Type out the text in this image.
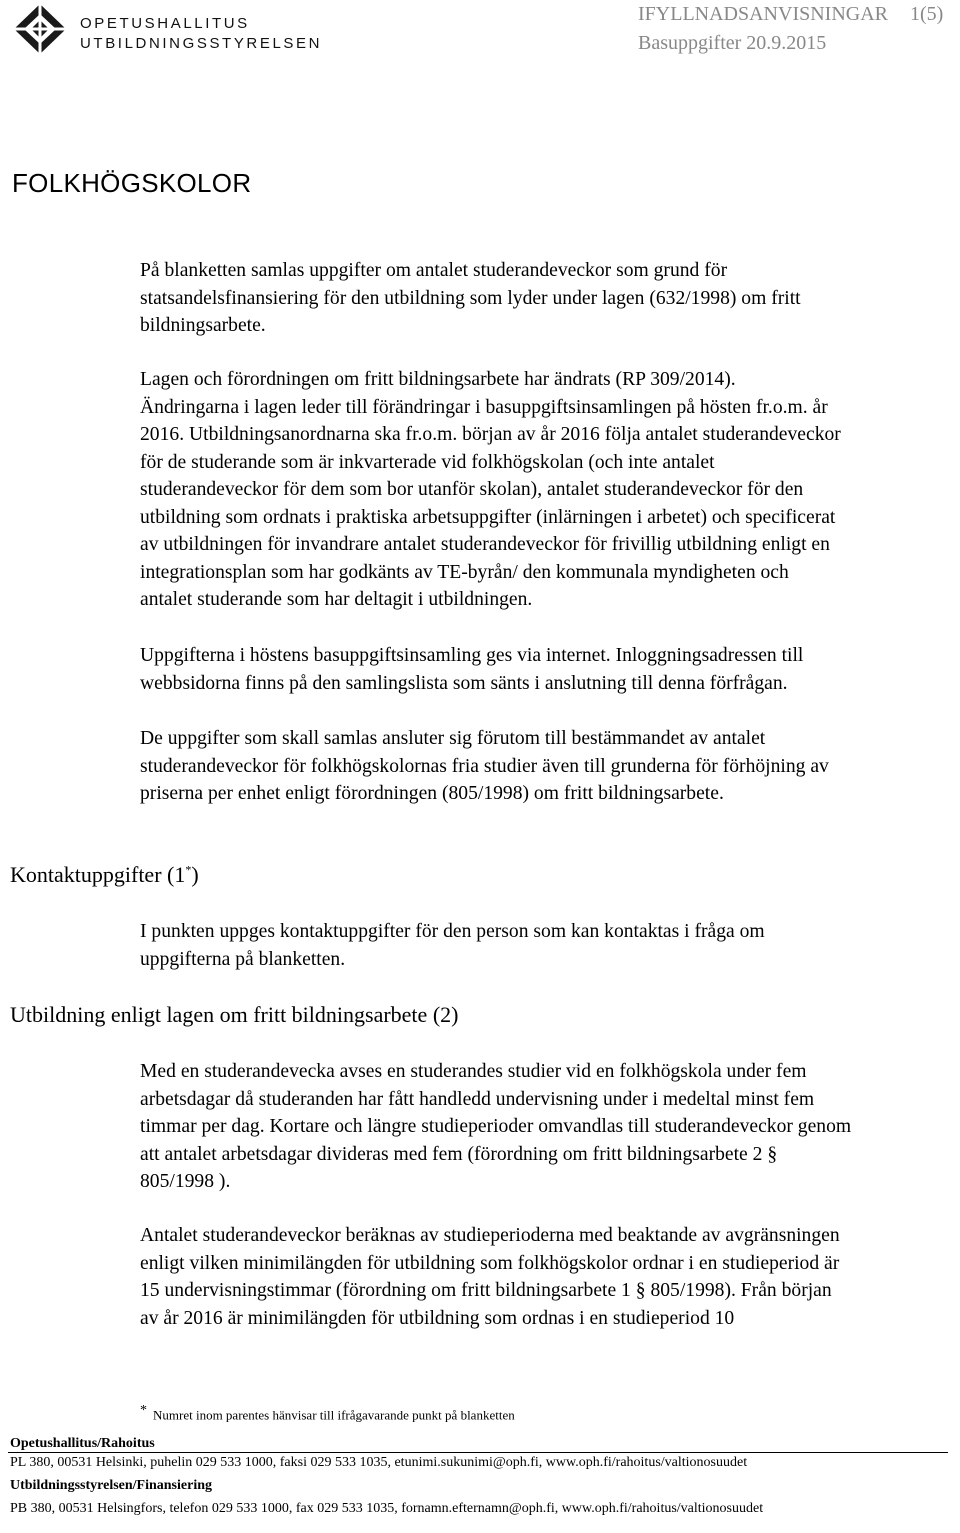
OPETUSHALLITUS
UTBILDNINGSSTYRELSEN
IFYLLNADSANVISNINGAR 1(5)
Basuppgifter 20.9.2015
FOLKHÖGSKOLOR
På blanketten samlas uppgifter om antalet studerandeveckor som grund för
statsandelsfinansiering för den utbildning som lyder under lagen (632/1998) om fritt
bildningsarbete.
Lagen och förordningen om fritt bildningsarbete har ändrats (RP 309/2014).
Ändringarna i lagen leder till förändringar i basuppgiftsinsamlingen på hösten fr.o.m. år
2016. Utbildningsanordnarna ska fr.o.m. början av år 2016 följa antalet studerandeveckor
för de studerande som är inkvarterade vid folkhögskolan (och inte antalet
studerandeveckor för dem som bor utanför skolan), antalet studerandeveckor för den
utbildning som ordnats i praktiska arbetsuppgifter (inlärningen i arbetet) och specificerat
av utbildningen för invandrare antalet studerandeveckor för frivillig utbildning enligt en
integrationsplan som har godkänts av TE-byrån/ den kommunala myndigheten och
antalet studerande som har deltagit i utbildningen.
Uppgifterna i höstens basuppgiftsinsamling ges via internet. Inloggningsadressen till
webbsidorna finns på den samlingslista som sänts i anslutning till denna förfrågan.
De uppgifter som skall samlas ansluter sig förutom till bestämmandet av antalet
studerandeveckor för folkhögskolornas fria studier även till grunderna för förhöjning av
priserna per enhet enligt förordningen (805/1998) om fritt bildningsarbete.
Kontaktuppgifter (1*)
I punkten uppges kontaktuppgifter för den person som kan kontaktas i fråga om
uppgifterna på blanketten.
Utbildning enligt lagen om fritt bildningsarbete (2)
Med en studerandevecka avses en studerandes studier vid en folkhögskola under fem
arbetsdagar då studeranden har fått handledd undervisning under i medeltal minst fem
timmar per dag. Kortare och längre studieperioder omvandlas till studerandeveckor genom
att antalet arbetsdagar divideras med fem (förordning om fritt bildningsarbete 2 §
805/1998 ).
Antalet studerandeveckor beräknas av studieperioderna med beaktande av avgränsningen
enligt vilken minimilängden för utbildning som folkhögskolor ordnar i en studieperiod är
15 undervisningstimmar (förordning om fritt bildningsarbete 1 § 805/1998). Från början
av år 2016 är minimilängden för utbildning som ordnas i en studieperiod 10
* Numret inom parentes hänvisar till ifrågavarande punkt på blanketten
Opetushallitus/Rahoitus
PL 380, 00531 Helsinki, puhelin 029 533 1000, faksi 029 533 1035, etunimi.sukunimi@oph.fi, www.oph.fi/rahoitus/valtionosuudet
Utbildningsstyrelsen/Finansiering
PB 380, 00531 Helsingfors, telefon 029 533 1000, fax 029 533 1035, fornamn.efternamn@oph.fi, www.oph.fi/rahoitus/valtionosuudet
